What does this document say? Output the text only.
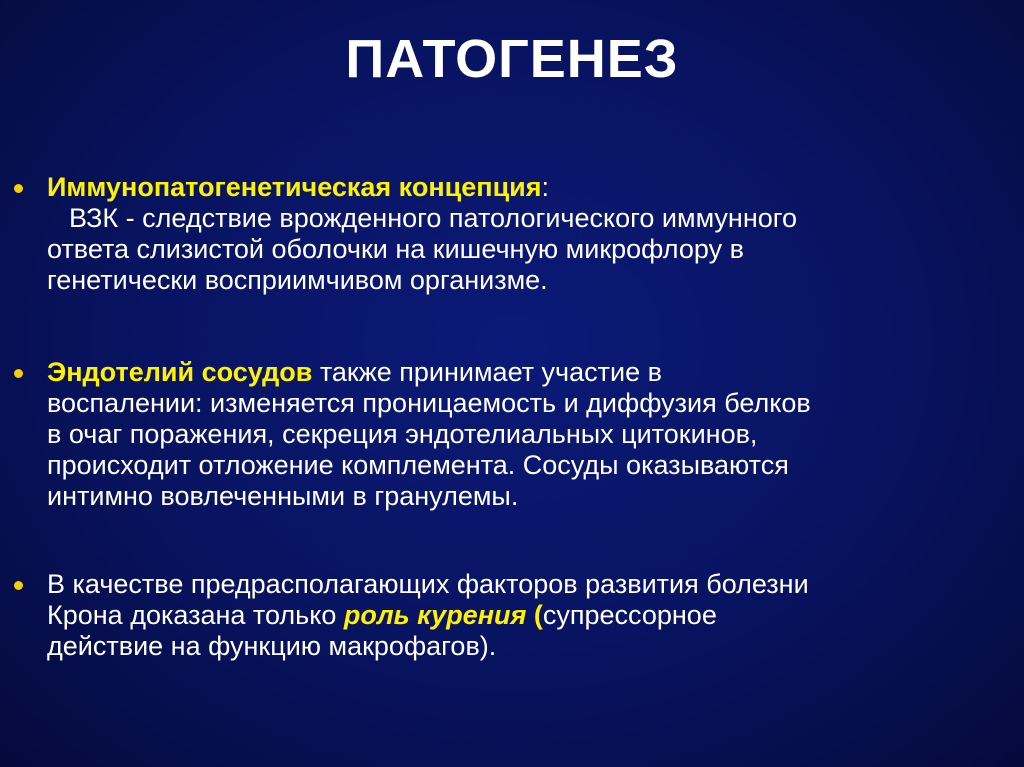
ПАТОГЕНЕЗ
Иммунопатогенетическая концепция:
ВЗК - следствие врожденного патологического иммунного
ответа слизистой оболочки на кишечную микрофлору в
генетически восприимчивом организме.
Эндотелий сосудов также принимает участие в
воспалении: изменяется проницаемость и диффузия белков
в очаг поражения, секреция эндотелиальных цитокинов,
происходит отложение комплемента. Сосуды оказываются
интимно вовлеченными в гранулемы.
В качестве предрасполагающих факторов развития болезни
Крона доказана только роль курения (супрессорное
действие на функцию макрофагов).
